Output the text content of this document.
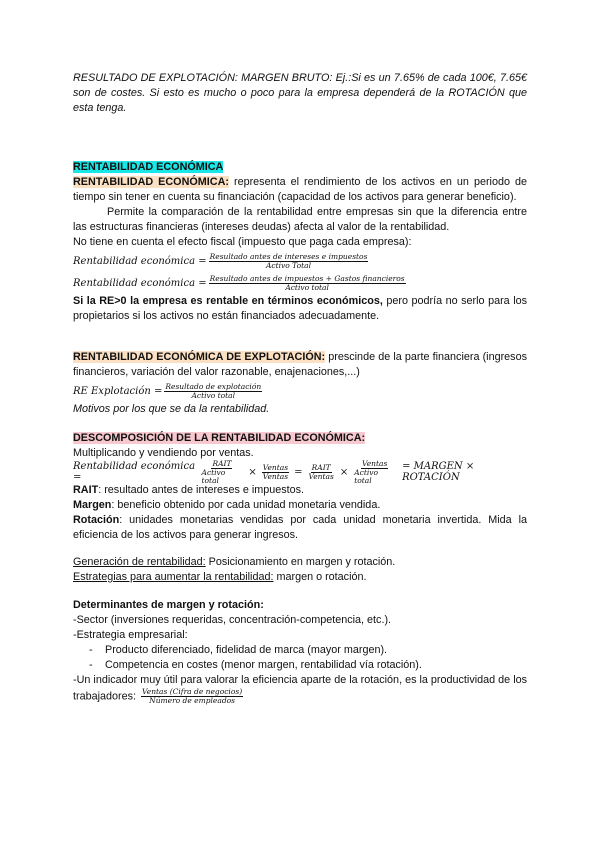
RESULTADO DE EXPLOTACIÓN: MARGEN BRUTO: Ej.:Si es un 7.65% de cada 100€, 7.65€ son de costes. Si esto es mucho o poco para la empresa dependerá de la ROTACIÓN que esta tenga.

RENTABILIDAD ECONÓMICA

RENTABILIDAD ECONÓMICA: representa el rendimiento de los activos en un periodo de tiempo sin tener en cuenta su financiación (capacidad de los activos para generar beneficio).

Permite la comparación de la rentabilidad entre empresas sin que la diferencia entre las estructuras financieras (intereses deudas) afecta al valor de la rentabilidad.

No tiene en cuenta el efecto fiscal (impuesto que paga cada empresa):

Rentabilidad económica = $\frac{\text{Resultado antes de intereses e impuestos}}{\text{Activo Total}}$
Rentabilidad económica = $\frac{\text{Resultado antes de impuestos + Gastos financieros}}{\text{Activo total}}$

Si la RE>0 la empresa es rentable en términos económicos, pero podría no serlo para los propietarios si los activos no están financiados adecuadamente.

RENTABILIDAD ECONÓMICA DE EXPLOTACIÓN: prescinde de la parte financiera (ingresos financieros, variación del valor razonable, enajenaciones,...)

RE Explotación = $\frac{\text{Resultado de explotación}}{\text{Activo total}}$

Motivos por los que se da la rentabilidad.

DESCOMPOSICIÓN DE LA RENTABILIDAD ECONÓMICA:

Multiplicando y vendiendo por ventas.

Rentabilidad económica =	$\frac{\text{RAIT}}{\text{Activo total}} \times \frac{\text{Ventas}}{\text{Ventas}} = \frac{\text{RAIT}}{\text{Ventas}} \times \frac{\text{Ventas}}{\text{Activo total}}$ = MARGEN × ROTACIÓN

RAIT: resultado antes de intereses e impuestos.

Margen: beneficio obtenido por cada unidad monetaria vendida.

Rotación: unidades monetarias vendidas por cada unidad monetaria invertida. Mida la eficiencia de los activos para generar ingresos.

Generación de rentabilidad: Posicionamiento en margen y rotación.

Estrategias para aumentar la rentabilidad: margen o rotación.

Determinantes de margen y rotación:

-Sector (inversiones requeridas, concentración-competencia, etc.).

-Estrategia empresarial:

- Producto diferenciado, fidelidad de marca (mayor margen).
- Competencia en costes (menor margen, rentabilidad vía rotación).

-Un indicador muy útil para valorar la eficiencia aparte de la rotación, es la productividad de los trabajadores: $\frac{\text{Ventas (Cifra de negocios)}}{\text{Número de empleados}}$
